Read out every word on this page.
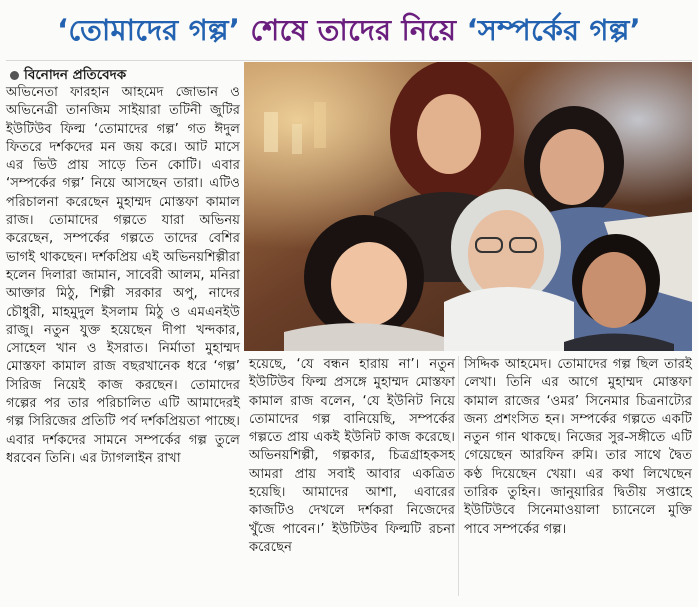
‘তোমাদের গল্প’ শেষে তাদের নিয়ে ‘সম্পর্কের গল্প’
বিনোদন প্রতিবেদক

অভিনেতা ফারহান আহমেদ জোভান ও অভিনেত্রী তানজিম সাইয়ারা তটিনী জুটির ইউটিউব ফিল্ম ‘তোমাদের গল্প’ গত ঈদুল ফিতরে দর্শকদের মন জয় করে। আট মাসে এর ভিউ প্রায় সাড়ে তিন কোটি। এবার ‘সম্পর্কের গল্প’ নিয়ে আসছেন তারা। এটিও পরিচালনা করেছেন মুহাম্মদ মোস্তফা কামাল রাজ। তোমাদের গল্পতে যারা অভিনয় করেছেন, সম্পর্কের গল্পতে তাদের বেশির ভাগই থাকছেন। দর্শকপ্রিয় এই অভিনয়শিল্পীরা হলেন দিলারা জামান, সাবেরী আলম, মনিরা আক্তার মিঠু, শিল্পী সরকার অপু, নাদের চৌধুরী, মাহমুদুল ইসলাম মিঠু ও এমএনইউ রাজু। নতুন যুক্ত হয়েছেন দীপা খন্দকার, সোহেল খান ও ইসরাত। নির্মাতা মুহাম্মদ মোস্তফা কামাল রাজ বছরখানেক ধরে ‘গল্প’ সিরিজ নিয়েই কাজ করছেন। তোমাদের গল্পের পর তার পরিচালিত এটি আমাদেরই গল্প সিরিজের প্রতিটি পর্ব দর্শকপ্রিয়তা পাচ্ছে। এবার দর্শকদের সামনে সম্পর্কের গল্প তুলে ধরবেন তিনি। এর ট্যাগলাইন রাখা

হয়েছে, ‘যে বন্ধন হারায় না’। নতুন ইউটিউব ফিল্ম প্রসঙ্গে মুহাম্মদ মোস্তফা কামাল রাজ বলেন, ‘যে ইউনিট নিয়ে তোমাদের গল্প বানিয়েছি, সম্পর্কের গল্পতে প্রায় একই ইউনিট কাজ করেছে। অভিনয়শিল্পী, গল্পকার, চিত্রগ্রাহকসহ আমরা প্রায় সবাই আবার একত্রিত হয়েছি। আমাদের আশা, এবারের কাজটিও দেখলে দর্শকরা নিজেদের খুঁজে পাবেন।’ ইউটিউব ফিল্মটি রচনা করেছেন

সিদ্দিক আহমেদ। তোমাদের গল্প ছিল তারই লেখা। তিনি এর আগে মুহাম্মদ মোস্তফা কামাল রাজের ‘ওমর’ সিনেমার চিত্রনাট্যের জন্য প্রশংসিত হন। সম্পর্কের গল্পতে একটি নতুন গান থাকছে। নিজের সুর-সঙ্গীতে এটি গেয়েছেন আরফিন রুমি। তার সাথে দ্বৈত কণ্ঠ দিয়েছেন খেয়া। এর কথা লিখেছেন তারিক তুহিন। জানুয়ারির দ্বিতীয় সপ্তাহে ইউটিউবে সিনেমাওয়ালা চ্যানেলে মুক্তি পাবে সম্পর্কের গল্প।
